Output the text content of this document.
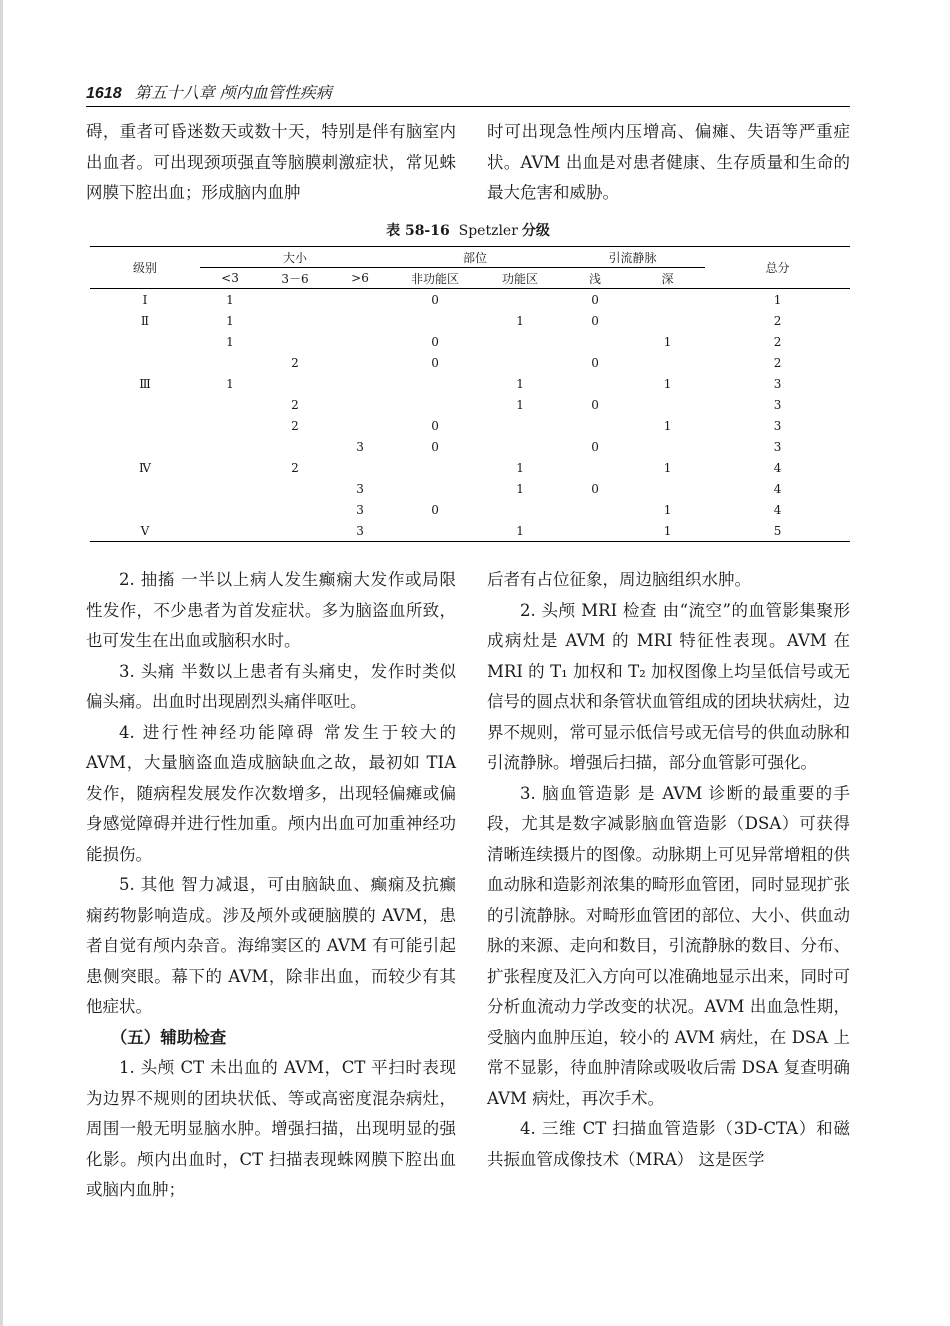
1618 第五十八章 颅内血管性疾病

碍，重者可昏迷数天或数十天，特别是伴有脑室内出血者。可出现颈项强直等脑膜刺激症状，常见蛛网膜下腔出血；形成脑内血肿

时可出现急性颅内压增高、偏瘫、失语等严重症状。AVM 出血是对患者健康、生存质量和生命的最大危害和威胁。

表 58-16 Spetzler 分级
级别	大小			部位		引流静脉		总分
	<3	3－6	>6	非功能区	功能区	浅	深	
Ⅰ	1			0		0		1
Ⅱ	1				1	0		2
	1			0			1	2
		2		0		0		2
Ⅲ	1				1		1	3
		2			1	0		3
		2		0			1	3
			3	0		0		3
Ⅳ		2			1		1	4
			3		1	0		4
			3	0			1	4
Ⅴ			3		1		1	5

2. 抽搐 一半以上病人发生癫痫大发作或局限性发作，不少患者为首发症状。多为脑盗血所致，也可发生在出血或脑积水时。

3. 头痛 半数以上患者有头痛史，发作时类似偏头痛。出血时出现剧烈头痛伴呕吐。

4. 进行性神经功能障碍 常发生于较大的 AVM，大量脑盗血造成脑缺血之故，最初如 TIA 发作，随病程发展发作次数增多，出现轻偏瘫或偏身感觉障碍并进行性加重。颅内出血可加重神经功能损伤。

5. 其他 智力减退，可由脑缺血、癫痫及抗癫痫药物影响造成。涉及颅外或硬脑膜的 AVM，患者自觉有颅内杂音。海绵窦区的 AVM 有可能引起患侧突眼。幕下的 AVM，除非出血，而较少有其他症状。

（五）辅助检查

1. 头颅 CT 未出血的 AVM，CT 平扫时表现为边界不规则的团块状低、等或高密度混杂病灶，周围一般无明显脑水肿。增强扫描，出现明显的强化影。颅内出血时，CT 扫描表现蛛网膜下腔出血或脑内血肿；

后者有占位征象，周边脑组织水肿。

2. 头颅 MRI 检查 由“流空”的血管影集聚形成病灶是 AVM 的 MRI 特征性表现。AVM 在 MRI 的 T₁ 加权和 T₂ 加权图像上均呈低信号或无信号的圆点状和条管状血管组成的团块状病灶，边界不规则，常可显示低信号或无信号的供血动脉和引流静脉。增强后扫描，部分血管影可强化。

3. 脑血管造影 是 AVM 诊断的最重要的手段，尤其是数字减影脑血管造影（DSA）可获得清晰连续摄片的图像。动脉期上可见异常增粗的供血动脉和造影剂浓集的畸形血管团，同时显现扩张的引流静脉。对畸形血管团的部位、大小、供血动脉的来源、走向和数目，引流静脉的数目、分布、扩张程度及汇入方向可以准确地显示出来，同时可分析血流动力学改变的状况。AVM 出血急性期，受脑内血肿压迫，较小的 AVM 病灶，在 DSA 上常不显影，待血肿清除或吸收后需 DSA 复查明确 AVM 病灶，再次手术。

4. 三维 CT 扫描血管造影（3D-CTA）和磁共振血管成像技术（MRA） 这是医学
